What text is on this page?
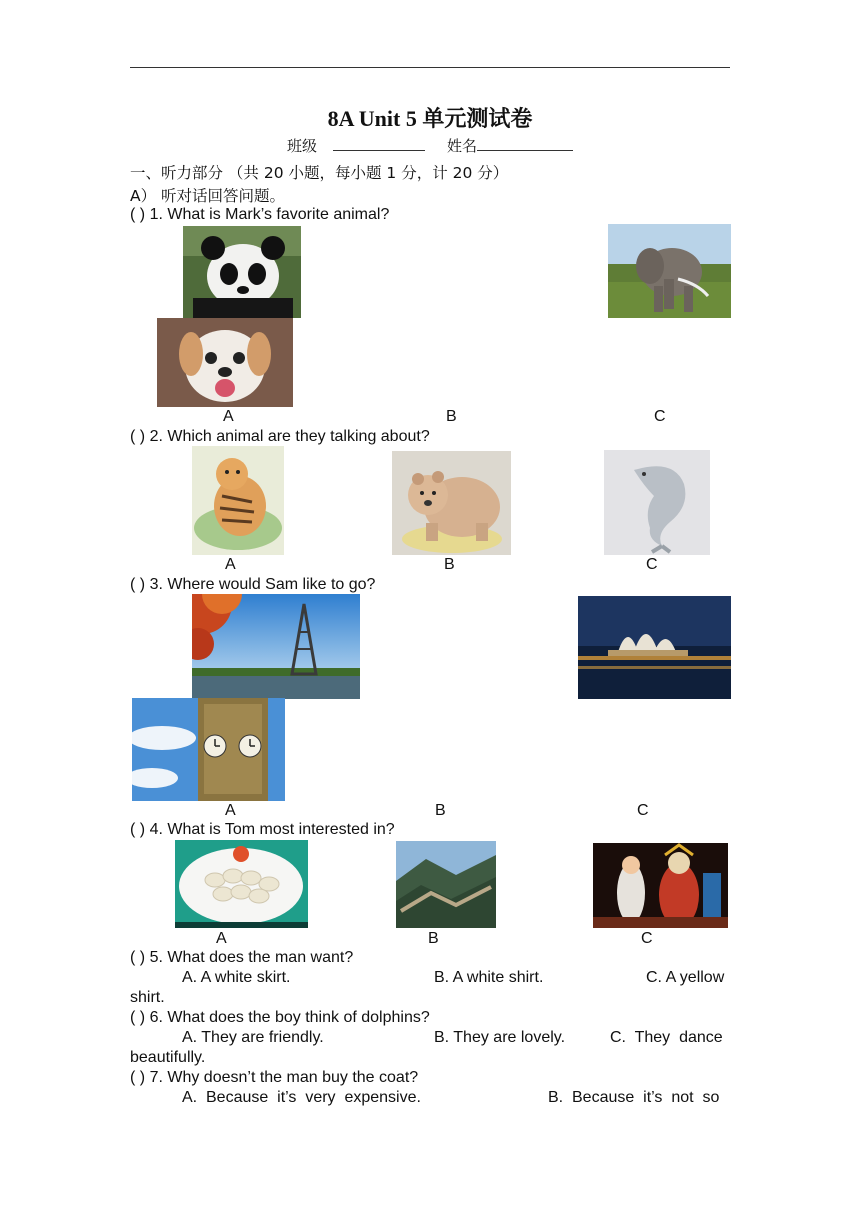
8A Unit 5 单元测试卷
班级	姓名
一、听力部分 （共 20 小题，每小题 1 分，计 20 分）
A） 听对话回答问题。
( ) 1. What is Mark’s favorite animal?
A	B	C
( ) 2. Which animal are they talking about?
A	B	C
( ) 3. Where would Sam like to go?
A	B	C
( ) 4. What is Tom most interested in?
A	B	C
( ) 5. What does the man want?
A. A white skirt.	B. A white shirt.	C. A yellow
shirt.
( ) 6. What does the boy think of dolphins?
A. They are friendly.	B. They are lovely.	C.  They  dance
beautifully.
( ) 7. Why doesn’t the man buy the coat?
A.  Because  it’s  very  expensive.	B.  Because  it’s  not  so
